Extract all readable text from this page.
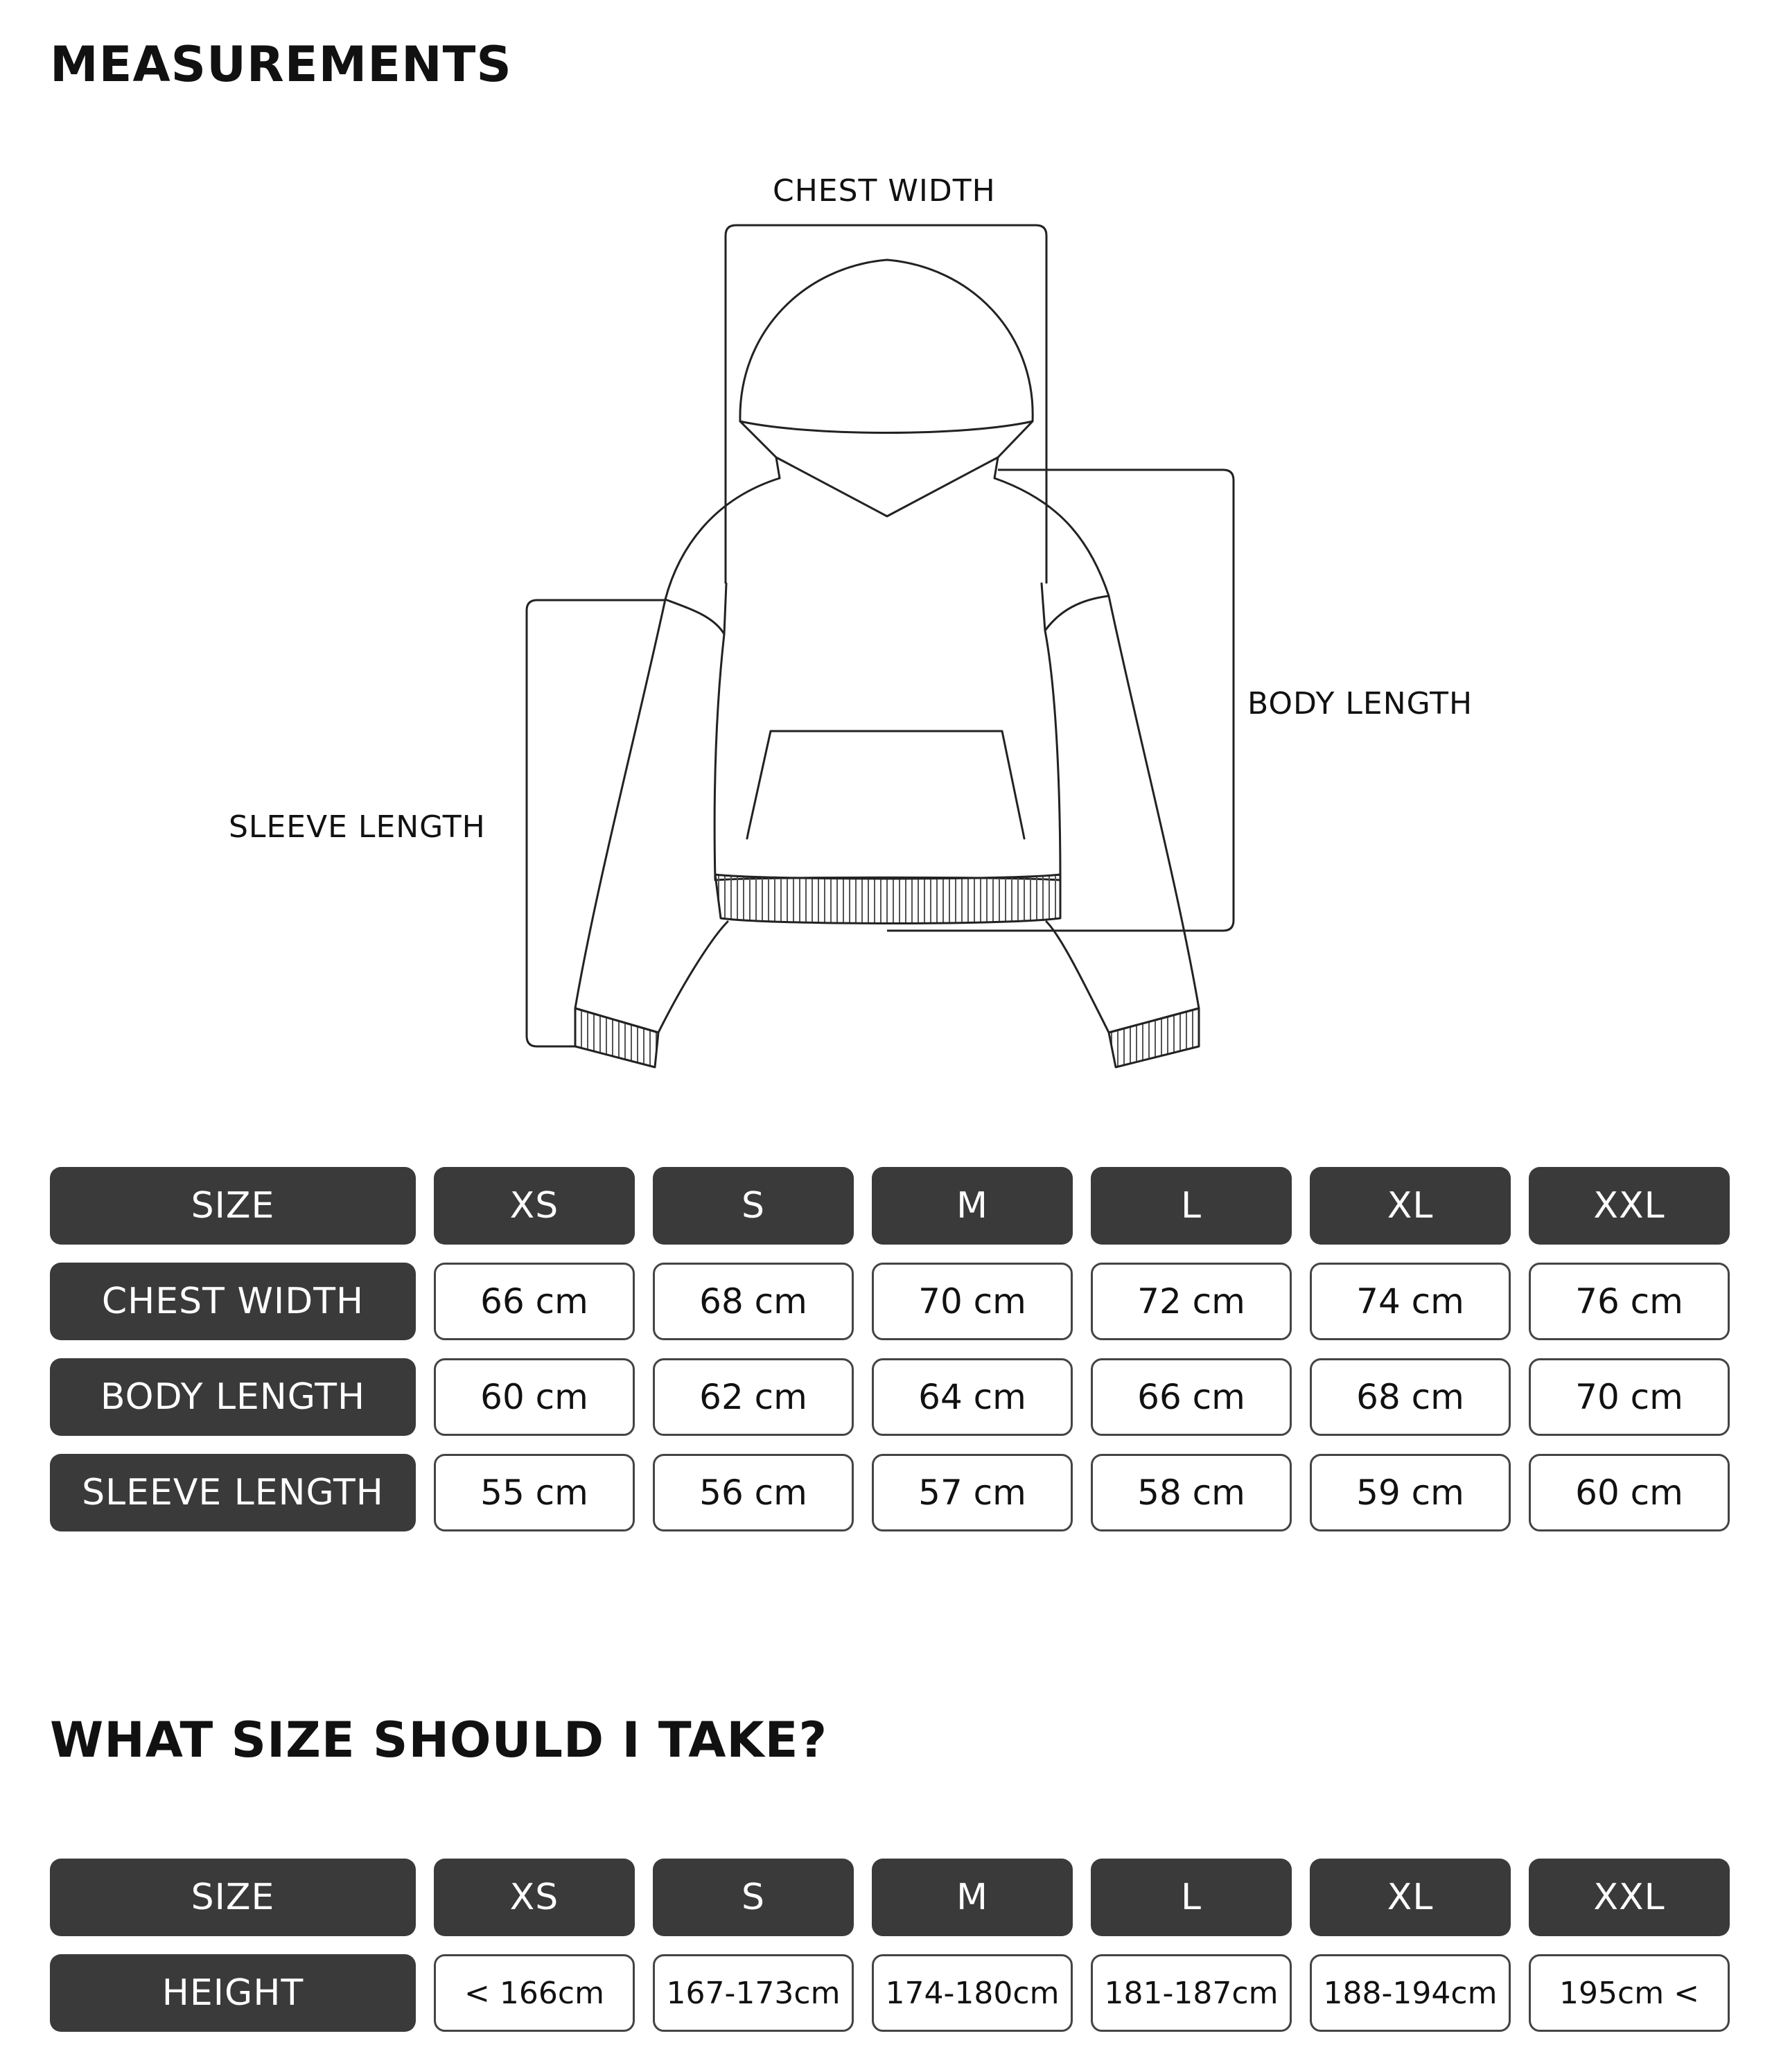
MEASUREMENTS
CHEST WIDTH
BODY LENGTH
SLEEVE LENGTH
SIZE	XS	S	M	L	XL	XXL
CHEST WIDTH	66 cm	68 cm	70 cm	72 cm	74 cm	76 cm
BODY LENGTH	60 cm	62 cm	64 cm	66 cm	68 cm	70 cm
SLEEVE LENGTH	55 cm	56 cm	57 cm	58 cm	59 cm	60 cm
WHAT SIZE SHOULD I TAKE?
SIZE	XS	S	M	L	XL	XXL
HEIGHT	< 166cm	167-173cm	174-180cm	181-187cm	188-194cm	195cm <
